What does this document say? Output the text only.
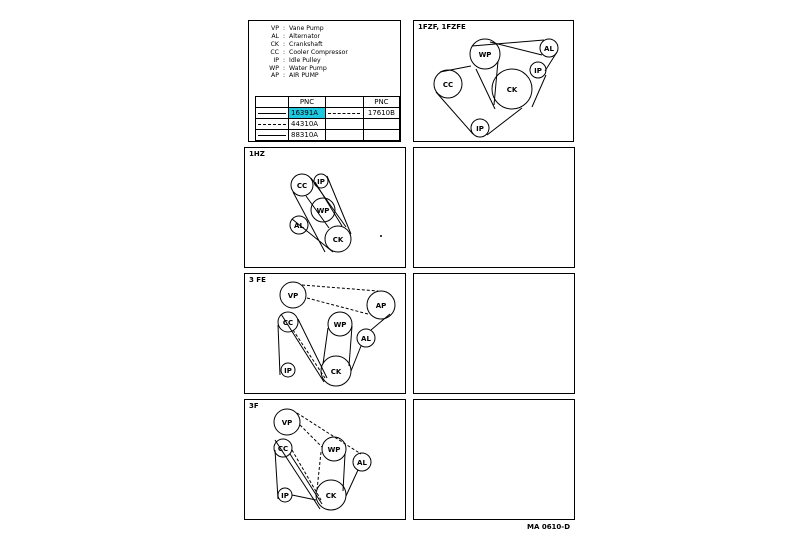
VP : Vane Pump
AL : Alternator
CK : Crankshaft
CC : Cooler Compressor
IP : Idle Pulley
WP : Water Pump
AP : AIR PUMP
	PNC		PNC

	16391A		17610B

	44310A		

	88310A		
1FZF, 1FZFE
WP
AL
IP
CC
CK
IP
1HZ
CC IP
WP
AL
CK
3 FE
VP
AP
CC	WP
AL
IP	CK
3F
VP
CC	WP
AL
IP	CK
MA 0610-D
